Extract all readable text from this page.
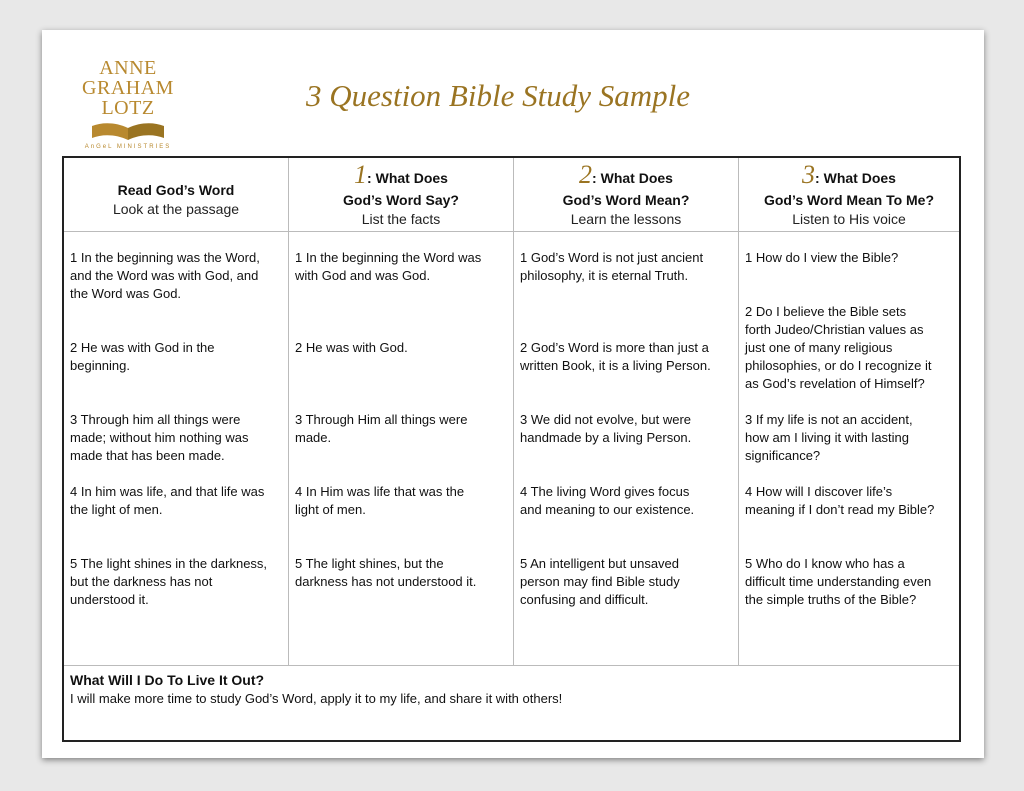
ANNE
GRAHAM
LOTZ
AnGeL MINISTRIES
3 Question Bible Study Sample
Read God’s Word
Look at the passage
1: What Does
God’s Word Say?
List the facts
2: What Does
God’s Word Mean?
Learn the lessons
3: What Does
God’s Word Mean To Me?
Listen to His voice
1 In the beginning was the Word,
and the Word was with God, and
the Word was God.
2 He was with God in the
beginning.
3 Through him all things were
made; without him nothing was
made that has been made.
4 In him was life, and that life was
the light of men.
5 The light shines in the darkness,
but the darkness has not
understood it.
1 In the beginning the Word was
with God and was God.
2 He was with God.
3 Through Him all things were
made.
4 In Him was life that was the
light of men.
5 The light shines, but the
darkness has not understood it.
1 God’s Word is not just ancient
philosophy, it is eternal Truth.
2 God’s Word is more than just a
written Book, it is a living Person.
3 We did not evolve, but were
handmade by a living Person.
4 The living Word gives focus
and meaning to our existence.
5 An intelligent but unsaved
person may find Bible study
confusing and difficult.
1 How do I view the Bible?
2 Do I believe the Bible sets
forth Judeo/Christian values as
just one of many religious
philosophies, or do I recognize it
as God’s revelation of Himself?
3 If my life is not an accident,
how am I living it with lasting
significance?
4 How will I discover life’s
meaning if I don’t read my Bible?
5 Who do I know who has a
difficult time understanding even
the simple truths of the Bible?
What Will I Do To Live It Out?
I will make more time to study God’s Word, apply it to my life, and share it with others!
